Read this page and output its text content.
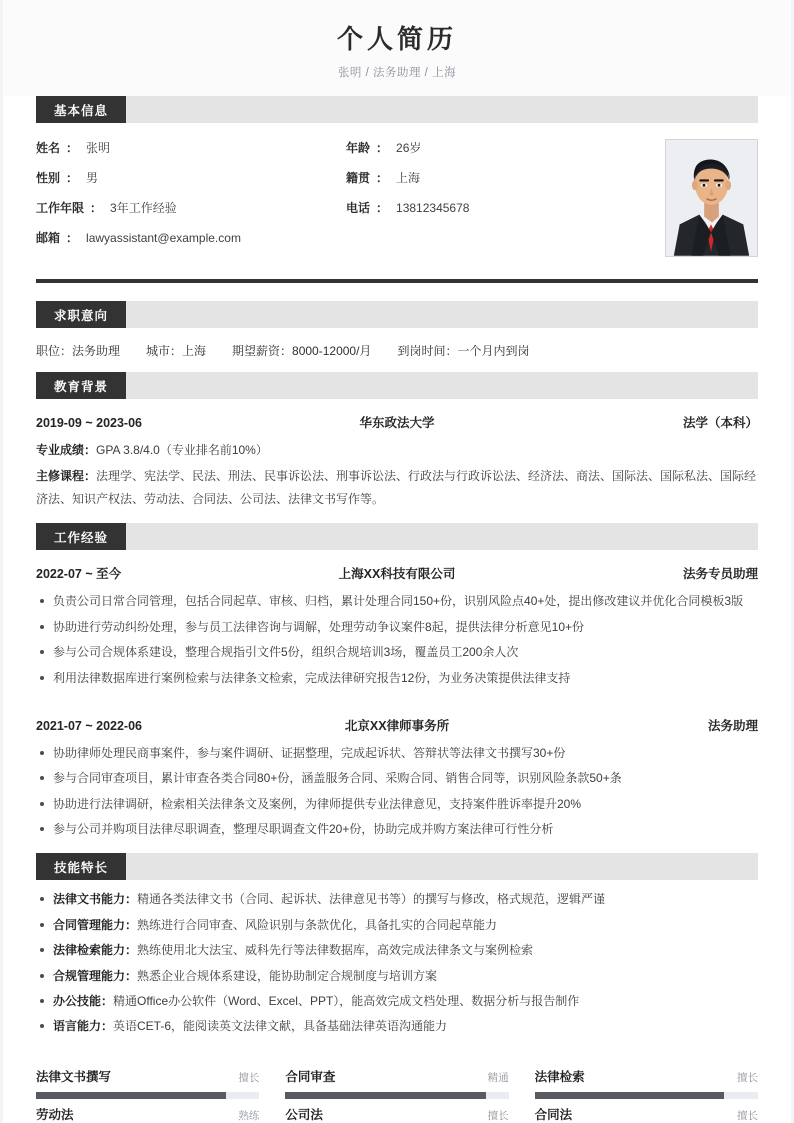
个人简历
张明 / 法务助理 / 上海
基本信息
姓名 ： 张明	年龄 ： 26岁
性别 ： 男	籍贯 ： 上海
工作年限 ： 3年工作经验	电话 ： 13812345678
邮箱 ： lawyassistant@example.com
求职意向
职位：法务助理 城市：上海 期望薪资：8000-12000/月 到岗时间：一个月内到岗
教育背景
2019-09 ~ 2023-06	华东政法大学	法学（本科）
专业成绩：GPA 3.8/4.0（专业排名前10%）
主修课程：法理学、宪法学、民法、刑法、民事诉讼法、刑事诉讼法、行政法与行政诉讼法、经济法、商法、国际法、国际私法、国际经济法、知识产权法、劳动法、合同法、公司法、法律文书写作等。
工作经验
2022-07 ~ 至今	上海XX科技有限公司	法务专员助理
负责公司日常合同管理，包括合同起草、审核、归档，累计处理合同150+份，识别风险点40+处，提出修改建议并优化合同模板3版
协助进行劳动纠纷处理，参与员工法律咨询与调解，处理劳动争议案件8起，提供法律分析意见10+份
参与公司合规体系建设，整理合规指引文件5份，组织合规培训3场，覆盖员工200余人次
利用法律数据库进行案例检索与法律条文检索，完成法律研究报告12份，为业务决策提供法律支持
2021-07 ~ 2022-06	北京XX律师事务所	法务助理
协助律师处理民商事案件，参与案件调研、证据整理，完成起诉状、答辩状等法律文书撰写30+份
参与合同审查项目，累计审查各类合同80+份，涵盖服务合同、采购合同、销售合同等，识别风险条款50+条
协助进行法律调研，检索相关法律条文及案例，为律师提供专业法律意见，支持案件胜诉率提升20%
参与公司并购项目法律尽职调查，整理尽职调查文件20+份，协助完成并购方案法律可行性分析
技能特长
法律文书能力：精通各类法律文书（合同、起诉状、法律意见书等）的撰写与修改，格式规范，逻辑严谨
合同管理能力：熟练进行合同审查、风险识别与条款优化，具备扎实的合同起草能力
法律检索能力：熟练使用北大法宝、威科先行等法律数据库，高效完成法律条文与案例检索
合规管理能力：熟悉企业合规体系建设，能协助制定合规制度与培训方案
办公技能：精通Office办公软件（Word、Excel、PPT），能高效完成文档处理、数据分析与报告制作
语言能力：英语CET-6，能阅读英文法律文献，具备基础法律英语沟通能力
法律文书撰写	擅长 合同审查	精通 法律检索	擅长
劳动法	熟练 公司法	擅长 合同法	擅长
